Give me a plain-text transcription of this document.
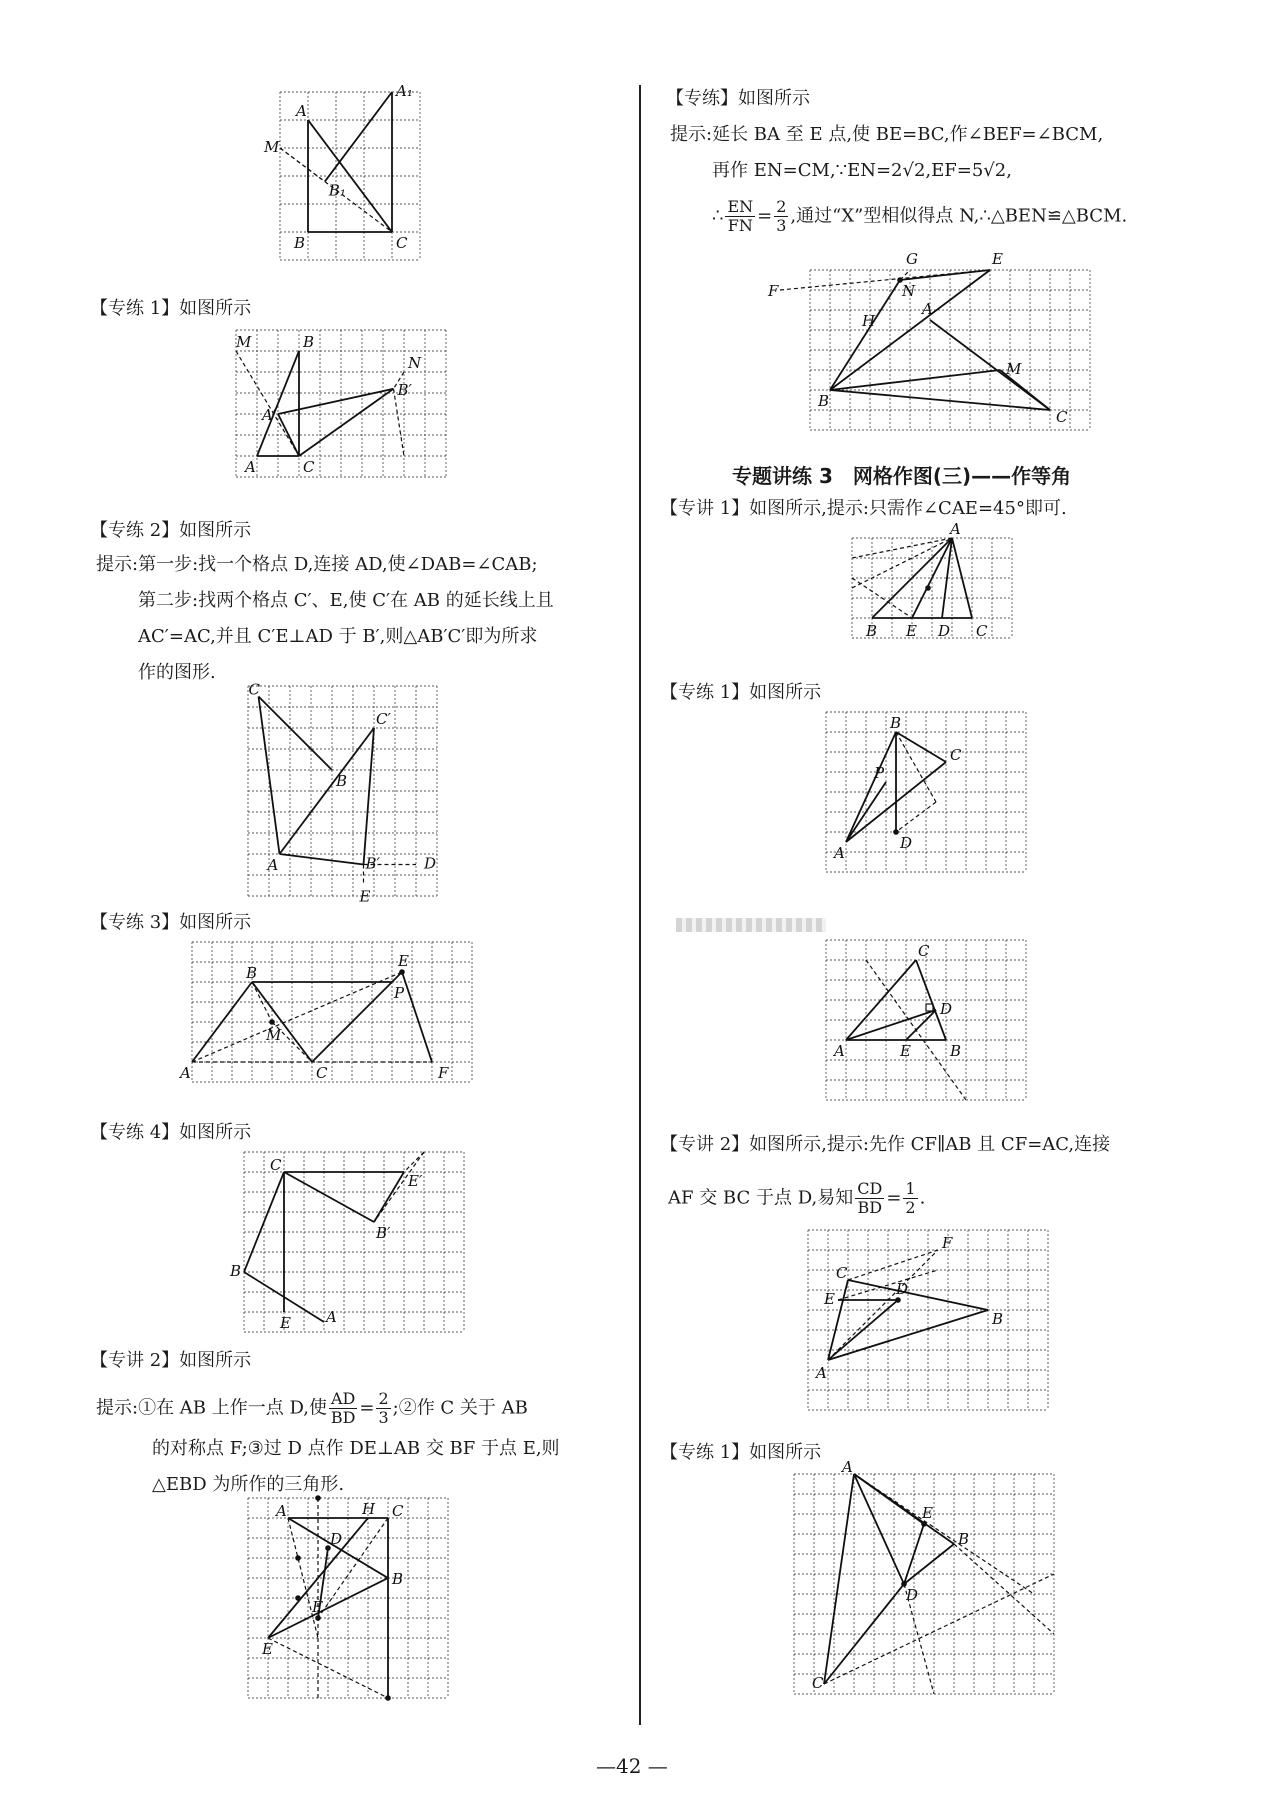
A
A₁
M
B₁
B	C
【专练 1】如图所示
M	B
N
B′
A′
A	C
【专练 2】如图所示
提示:第一步:找一个格点 D,连接 AD,使∠DAB=∠CAB;
第二步:找两个格点 C′、E,使 C′在 AB 的延长线上且
AC′=AC,并且 C′E⊥AD 于 B′,则△AB′C′即为所求
作的图形.
C
C′
B
A	B′	D
E
【专练 3】如图所示
B
E
P
M
A	C	F
【专练 4】如图所示
C
E′
B′
B
E A
【专讲 2】如图所示
提示:①在 AB 上作一点 D,使 $\frac{AD}{BD} = \frac{2}{3}$ ;②作 C 关于 AB
的对称点 F;③过 D 点作 DE⊥AB 交 BF 于点 E,则
△EBD 为所作的三角形.
A	H C
D
B
F
E
【专练】如图所示
提示:延长 BA 至 E 点,使 BE=BC,作∠BEF=∠BCM,
再作 EN=CM,∵EN=2√2,EF=5√2,
∴ $\frac{EN}{FN} = \frac{2}{3}$ ,通过“X”型相似得点 N,∴△BEN≌△BCM.
G	E
F
H
N
A
M
B
C
专题讲练 3　网格作图(三)——作等角
【专讲 1】如图所示,提示:只需作∠CAE=45°即可.
A
B E D C
【专练 1】如图所示
B
C
P
A
D
C
D
A	E	B
【专讲 2】如图所示,提示:先作 CF∥AB 且 CF=AC,连接
AF 交 BC 于点 D,易知 $\frac{CD}{BD} = \frac{1}{2}$ .
F
C
E
D
B
A
【专练 1】如图所示
A
E
B
D
C
—42 —
